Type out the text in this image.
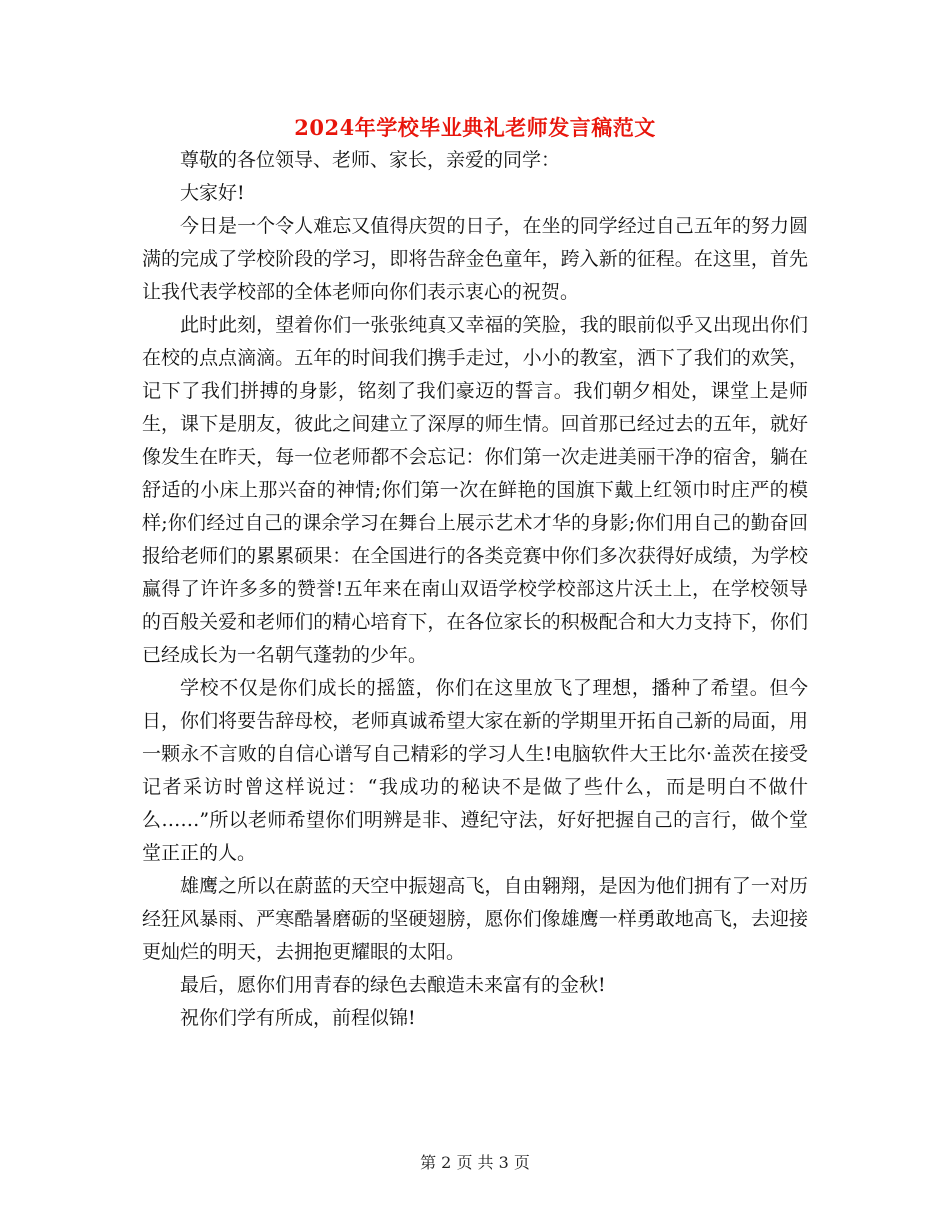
2024年学校毕业典礼老师发言稿范文

尊敬的各位领导、老师、家长，亲爱的同学：

大家好!

今日是一个令人难忘又值得庆贺的日子，在坐的同学经过自己五年的努力圆满的完成了学校阶段的学习，即将告辞金色童年，跨入新的征程。在这里，首先让我代表学校部的全体老师向你们表示衷心的祝贺。

此时此刻，望着你们一张张纯真又幸福的笑脸，我的眼前似乎又出现出你们在校的点点滴滴。五年的时间我们携手走过，小小的教室，洒下了我们的欢笑，记下了我们拼搏的身影，铭刻了我们豪迈的誓言。我们朝夕相处，课堂上是师生，课下是朋友，彼此之间建立了深厚的师生情。回首那已经过去的五年，就好像发生在昨天，每一位老师都不会忘记：你们第一次走进美丽干净的宿舍，躺在舒适的小床上那兴奋的神情;你们第一次在鲜艳的国旗下戴上红领巾时庄严的模样;你们经过自己的课余学习在舞台上展示艺术才华的身影;你们用自己的勤奋回报给老师们的累累硕果：在全国进行的各类竞赛中你们多次获得好成绩，为学校赢得了许许多多的赞誉!五年来在南山双语学校学校部这片沃土上，在学校领导的百般关爱和老师们的精心培育下，在各位家长的积极配合和大力支持下，你们已经成长为一名朝气蓬勃的少年。

学校不仅是你们成长的摇篮，你们在这里放飞了理想，播种了希望。但今日，你们将要告辞母校，老师真诚希望大家在新的学期里开拓自己新的局面，用一颗永不言败的自信心谱写自己精彩的学习人生!电脑软件大王比尔·盖茨在接受记者采访时曾这样说过：“我成功的秘诀不是做了些什么，而是明白不做什么……”所以老师希望你们明辨是非、遵纪守法，好好把握自己的言行，做个堂堂正正的人。

雄鹰之所以在蔚蓝的天空中振翅高飞，自由翱翔，是因为他们拥有了一对历经狂风暴雨、严寒酷暑磨砺的坚硬翅膀，愿你们像雄鹰一样勇敢地高飞，去迎接更灿烂的明天，去拥抱更耀眼的太阳。

最后，愿你们用青春的绿色去酿造未来富有的金秋!

祝你们学有所成，前程似锦!

第 2 页 共 3 页
